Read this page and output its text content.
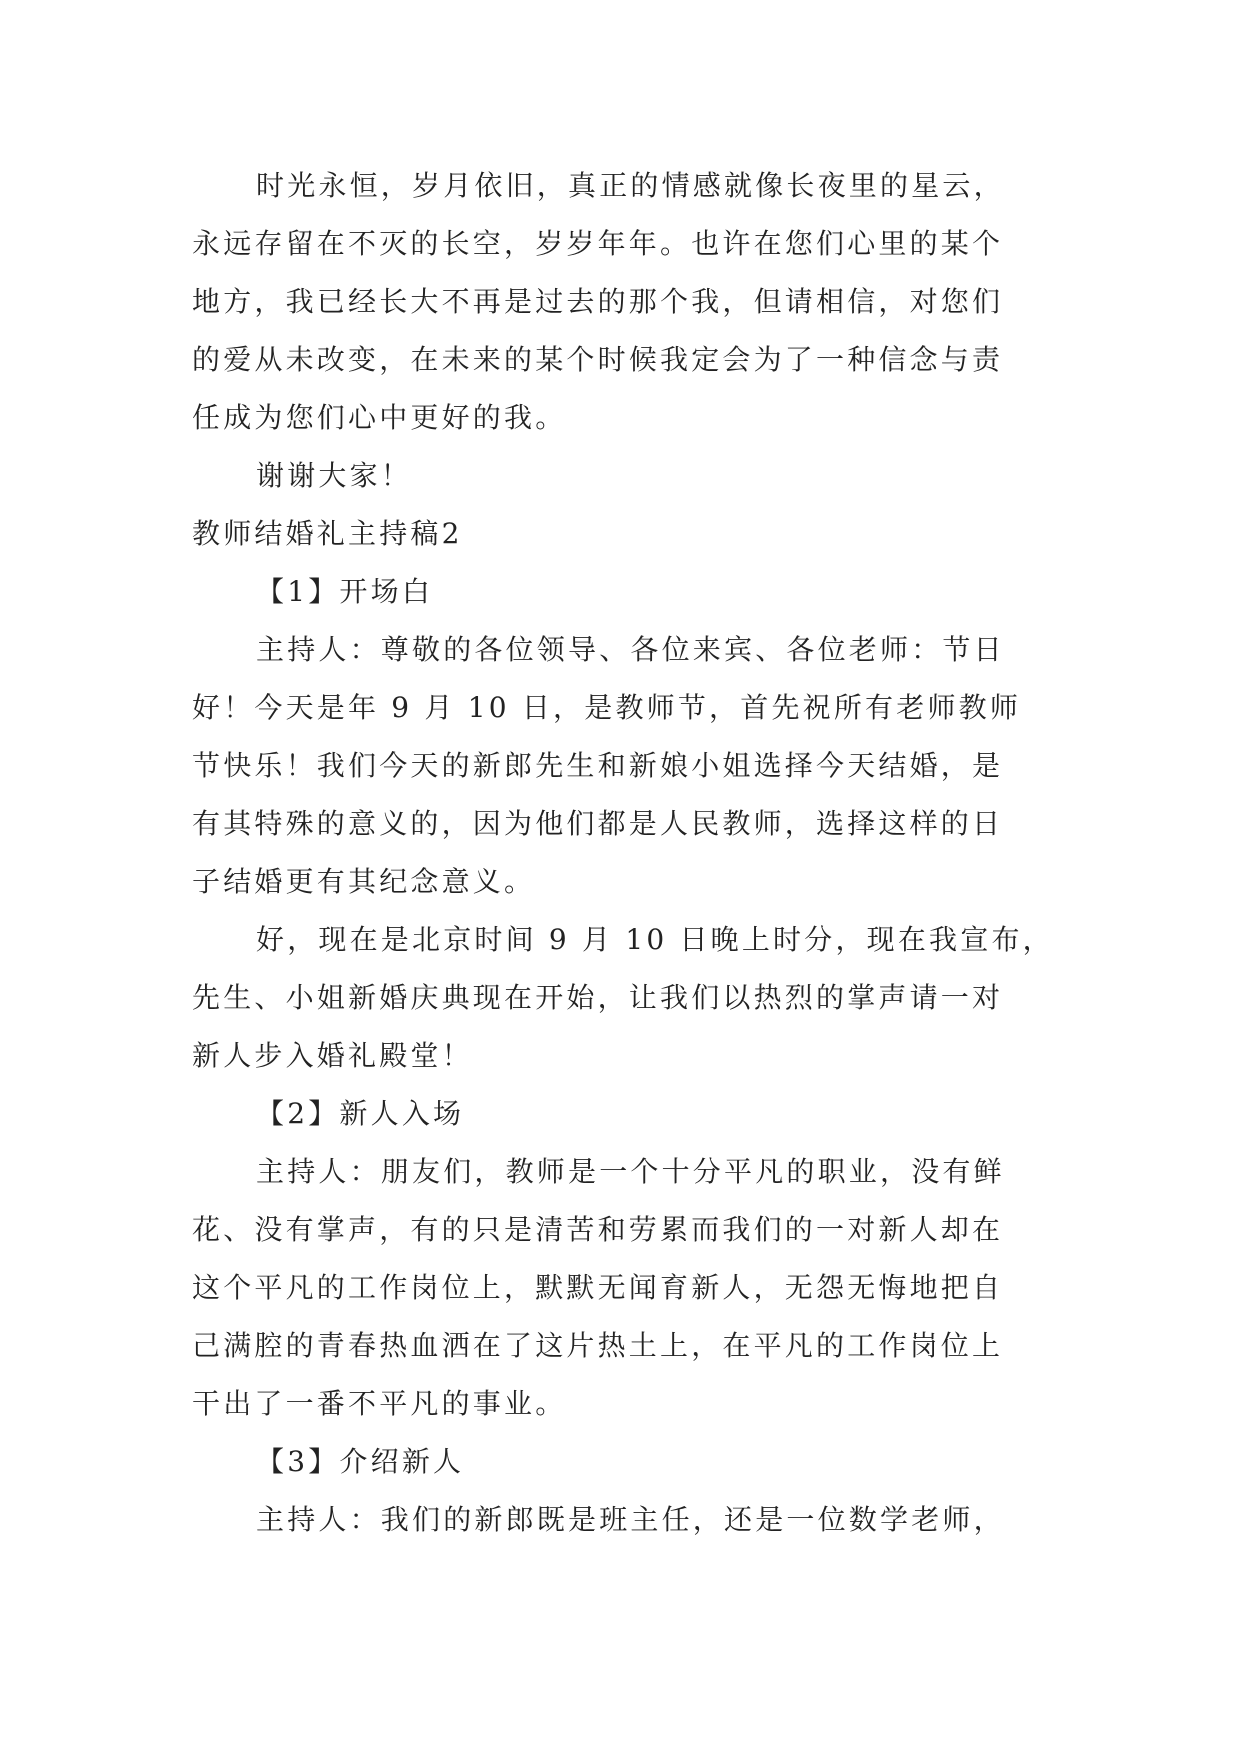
时光永恒，岁月依旧，真正的情感就像长夜里的星云，
永远存留在不灭的长空，岁岁年年。也许在您们心里的某个
地方，我已经长大不再是过去的那个我，但请相信，对您们
的爱从未改变，在未来的某个时候我定会为了一种信念与责
任成为您们心中更好的我。
谢谢大家！
教师结婚礼主持稿2
【1】开场白
主持人：尊敬的各位领导、各位来宾、各位老师：节日
好！今天是年 9 月 10 日，是教师节，首先祝所有老师教师
节快乐！我们今天的新郎先生和新娘小姐选择今天结婚，是
有其特殊的意义的，因为他们都是人民教师，选择这样的日
子结婚更有其纪念意义。
好，现在是北京时间 9 月 10 日晚上时分，现在我宣布，
先生、小姐新婚庆典现在开始，让我们以热烈的掌声请一对
新人步入婚礼殿堂！
【2】新人入场
主持人：朋友们，教师是一个十分平凡的职业，没有鲜
花、没有掌声，有的只是清苦和劳累而我们的一对新人却在
这个平凡的工作岗位上，默默无闻育新人，无怨无悔地把自
己满腔的青春热血洒在了这片热土上，在平凡的工作岗位上
干出了一番不平凡的事业。
【3】介绍新人
主持人：我们的新郎既是班主任，还是一位数学老师，
